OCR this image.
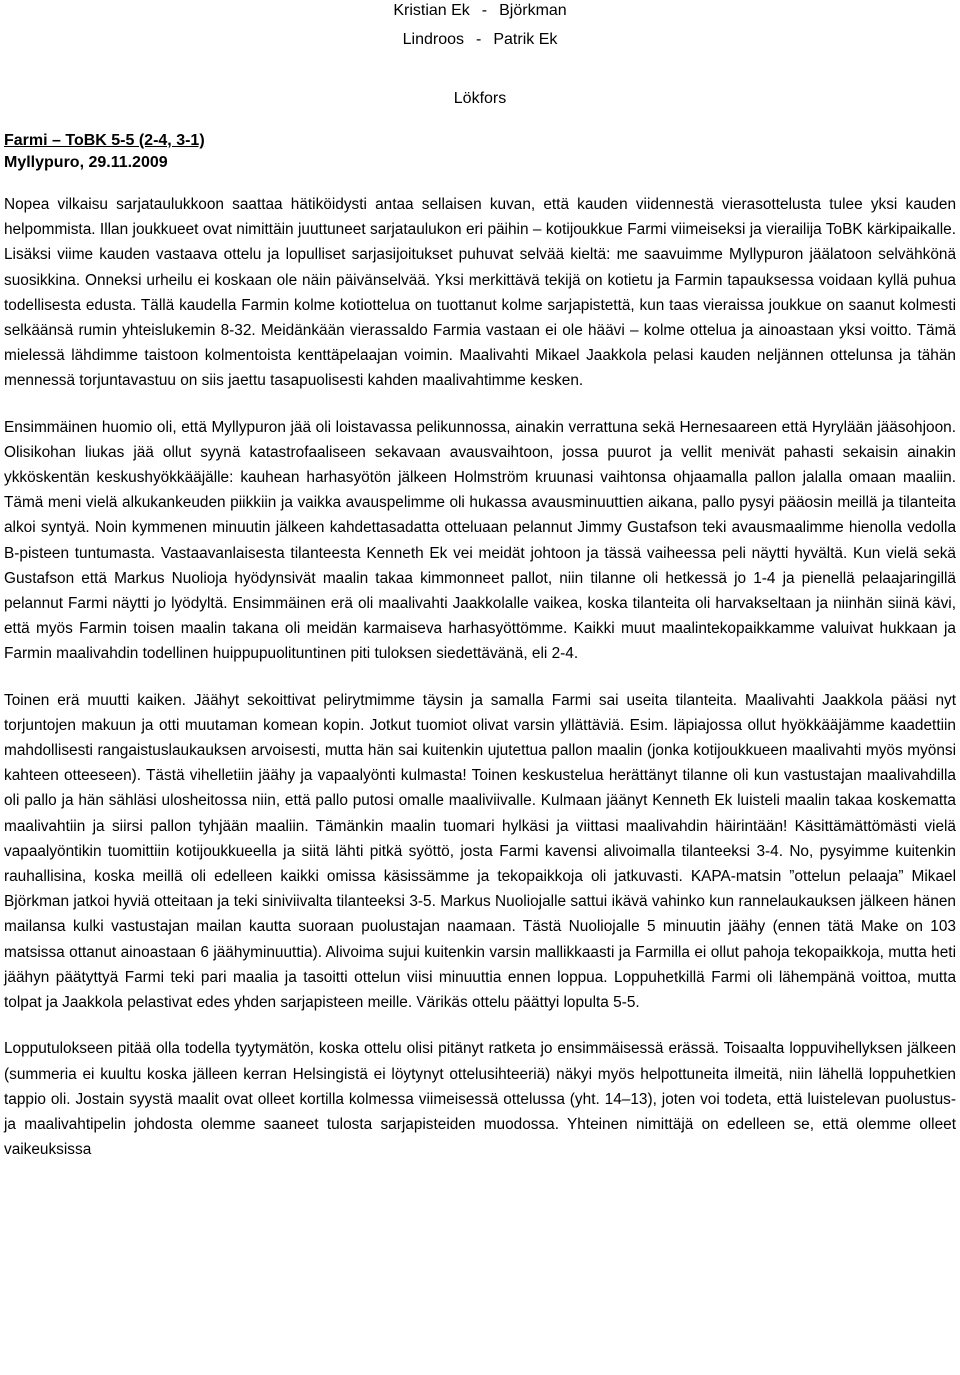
Kristian Ek - Björkman
Lindroos - Patrik Ek
Lökfors
Farmi – ToBK 5-5 (2-4, 3-1)
Myllypuro, 29.11.2009

Nopea vilkaisu sarjataulukkoon saattaa hätiköidysti antaa sellaisen kuvan, että kauden viidennestä vierasottelusta tulee yksi kauden helpommista. Illan joukkueet ovat nimittäin juuttuneet sarjataulukon eri päihin – kotijoukkue Farmi viimeiseksi ja vierailija ToBK kärkipaikalle. Lisäksi viime kauden vastaava ottelu ja lopulliset sarjasijoitukset puhuvat selvää kieltä: me saavuimme Myllypuron jäälatoon selvähkönä suosikkina. Onneksi urheilu ei koskaan ole näin päivänselvää. Yksi merkittävä tekijä on kotietu ja Farmin tapauksessa voidaan kyllä puhua todellisesta edusta. Tällä kaudella Farmin kolme kotiottelua on tuottanut kolme sarjapistettä, kun taas vieraissa joukkue on saanut kolmesti selkäänsä rumin yhteislukemin 8-32. Meidänkään vierassaldo Farmia vastaan ei ole häävi – kolme ottelua ja ainoastaan yksi voitto. Tämä mielessä lähdimme taistoon kolmentoista kenttäpelaajan voimin. Maalivahti Mikael Jaakkola pelasi kauden neljännen ottelunsa ja tähän mennessä torjuntavastuu on siis jaettu tasapuolisesti kahden maalivahtimme kesken.

Ensimmäinen huomio oli, että Myllypuron jää oli loistavassa pelikunnossa, ainakin verrattuna sekä Hernesaareen että Hyrylään jääsohjoon. Olisikohan liukas jää ollut syynä katastrofaaliseen sekavaan avausvaihtoon, jossa puurot ja vellit menivät pahasti sekaisin ainakin ykköskentän keskushyökkääjälle: kauhean harhasyötön jälkeen Holmström kruunasi vaihtonsa ohjaamalla pallon jalalla omaan maaliin. Tämä meni vielä alkukankeuden piikkiin ja vaikka avauspelimme oli hukassa avausminuuttien aikana, pallo pysyi pääosin meillä ja tilanteita alkoi syntyä. Noin kymmenen minuutin jälkeen kahdettasadatta otteluaan pelannut Jimmy Gustafson teki avausmaalimme hienolla vedolla B-pisteen tuntumasta. Vastaavanlaisesta tilanteesta Kenneth Ek vei meidät johtoon ja tässä vaiheessa peli näytti hyvältä. Kun vielä sekä Gustafson että Markus Nuolioja hyödynsivät maalin takaa kimmonneet pallot, niin tilanne oli hetkessä jo 1-4 ja pienellä pelaajaringillä pelannut Farmi näytti jo lyödyltä. Ensimmäinen erä oli maalivahti Jaakkolalle vaikea, koska tilanteita oli harvakseltaan ja niinhän siinä kävi, että myös Farmin toisen maalin takana oli meidän karmaiseva harhasyöttömme. Kaikki muut maalintekopaikkamme valuivat hukkaan ja Farmin maalivahdin todellinen huippupuolituntinen piti tuloksen siedettävänä, eli 2-4.

Toinen erä muutti kaiken. Jäähyt sekoittivat pelirytmimme täysin ja samalla Farmi sai useita tilanteita. Maalivahti Jaakkola pääsi nyt torjuntojen makuun ja otti muutaman komean kopin. Jotkut tuomiot olivat varsin yllättäviä. Esim. läpiajossa ollut hyökkääjämme kaadettiin mahdollisesti rangaistuslaukauksen arvoisesti, mutta hän sai kuitenkin ujutettua pallon maalin (jonka kotijoukkueen maalivahti myös myönsi kahteen otteeseen). Tästä vihelletiin jäähy ja vapaalyönti kulmasta! Toinen keskustelua herättänyt tilanne oli kun vastustajan maalivahdilla oli pallo ja hän sähläsi ulosheitossa niin, että pallo putosi omalle maaliviivalle. Kulmaan jäänyt Kenneth Ek luisteli maalin takaa koskematta maalivahtiin ja siirsi pallon tyhjään maaliin. Tämänkin maalin tuomari hylkäsi ja viittasi maalivahdin häirintään! Käsittämättömästi vielä vapaalyöntikin tuomittiin kotijoukkueella ja siitä lähti pitkä syöttö, josta Farmi kavensi alivoimalla tilanteeksi 3-4. No, pysyimme kuitenkin rauhallisina, koska meillä oli edelleen kaikki omissa käsissämme ja tekopaikkoja oli jatkuvasti. KAPA-matsin ”ottelun pelaaja” Mikael Björkman jatkoi hyviä otteitaan ja teki siniviivalta tilanteeksi 3-5. Markus Nuoliojalle sattui ikävä vahinko kun rannelaukauksen jälkeen hänen mailansa kulki vastustajan mailan kautta suoraan puolustajan naamaan. Tästä Nuoliojalle 5 minuutin jäähy (ennen tätä Make on 103 matsissa ottanut ainoastaan 6 jäähyminuuttia). Alivoima sujui kuitenkin varsin mallikkaasti ja Farmilla ei ollut pahoja tekopaikkoja, mutta heti jäähyn päätyttyä Farmi teki pari maalia ja tasoitti ottelun viisi minuuttia ennen loppua. Loppuhetkillä Farmi oli lähempänä voittoa, mutta tolpat ja Jaakkola pelastivat edes yhden sarjapisteen meille. Värikäs ottelu päättyi lopulta 5-5.

Lopputulokseen pitää olla todella tyytymätön, koska ottelu olisi pitänyt ratketa jo ensimmäisessä erässä. Toisaalta loppuvihellyksen jälkeen (summeria ei kuultu koska jälleen kerran Helsingistä ei löytynyt ottelusihteeriä) näkyi myös helpottuneita ilmeitä, niin lähellä loppuhetkien tappio oli. Jostain syystä maalit ovat olleet kortilla kolmessa viimeisessä ottelussa (yht. 14–13), joten voi todeta, että luistelevan puolustus- ja maalivahtipelin johdosta olemme saaneet tulosta sarjapisteiden muodossa. Yhteinen nimittäjä on edelleen se, että olemme olleet vaikeuksissa
